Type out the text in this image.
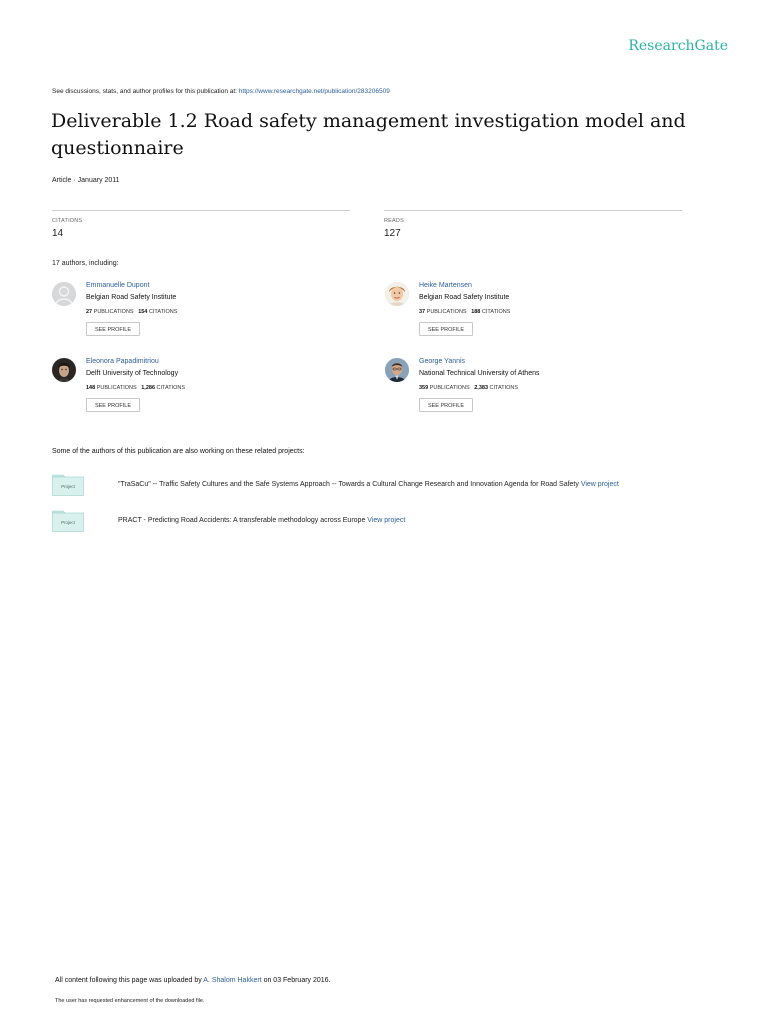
ResearchGate
See discussions, stats, and author profiles for this publication at: https://www.researchgate.net/publication/283206509
Deliverable 1.2 Road safety management investigation model and questionnaire
Article · January 2011
CITATIONS
14
READS
127
17 authors, including:
Emmanuelle Dupont
Belgian Road Safety Institute
27 PUBLICATIONS 154 CITATIONS
SEE PROFILE
Heike Martensen
Belgian Road Safety Institute
37 PUBLICATIONS 188 CITATIONS
SEE PROFILE
Eleonora Papadimitriou
Delft University of Technology
148 PUBLICATIONS 1,286 CITATIONS
SEE PROFILE
George Yannis
National Technical University of Athens
359 PUBLICATIONS 2,383 CITATIONS
SEE PROFILE
Some of the authors of this publication are also working on these related projects:
Project	"TraSaCu" -- Traffic Safety Cultures and the Safe Systems Approach -- Towards a Cultural Change Research and Innovation Agenda for Road Safety View project
Project	PRACT - Predicting Road Accidents: A transferable methodology across Europe View project
All content following this page was uploaded by A. Shalom Hakkert on 03 February 2016.
The user has requested enhancement of the downloaded file.
